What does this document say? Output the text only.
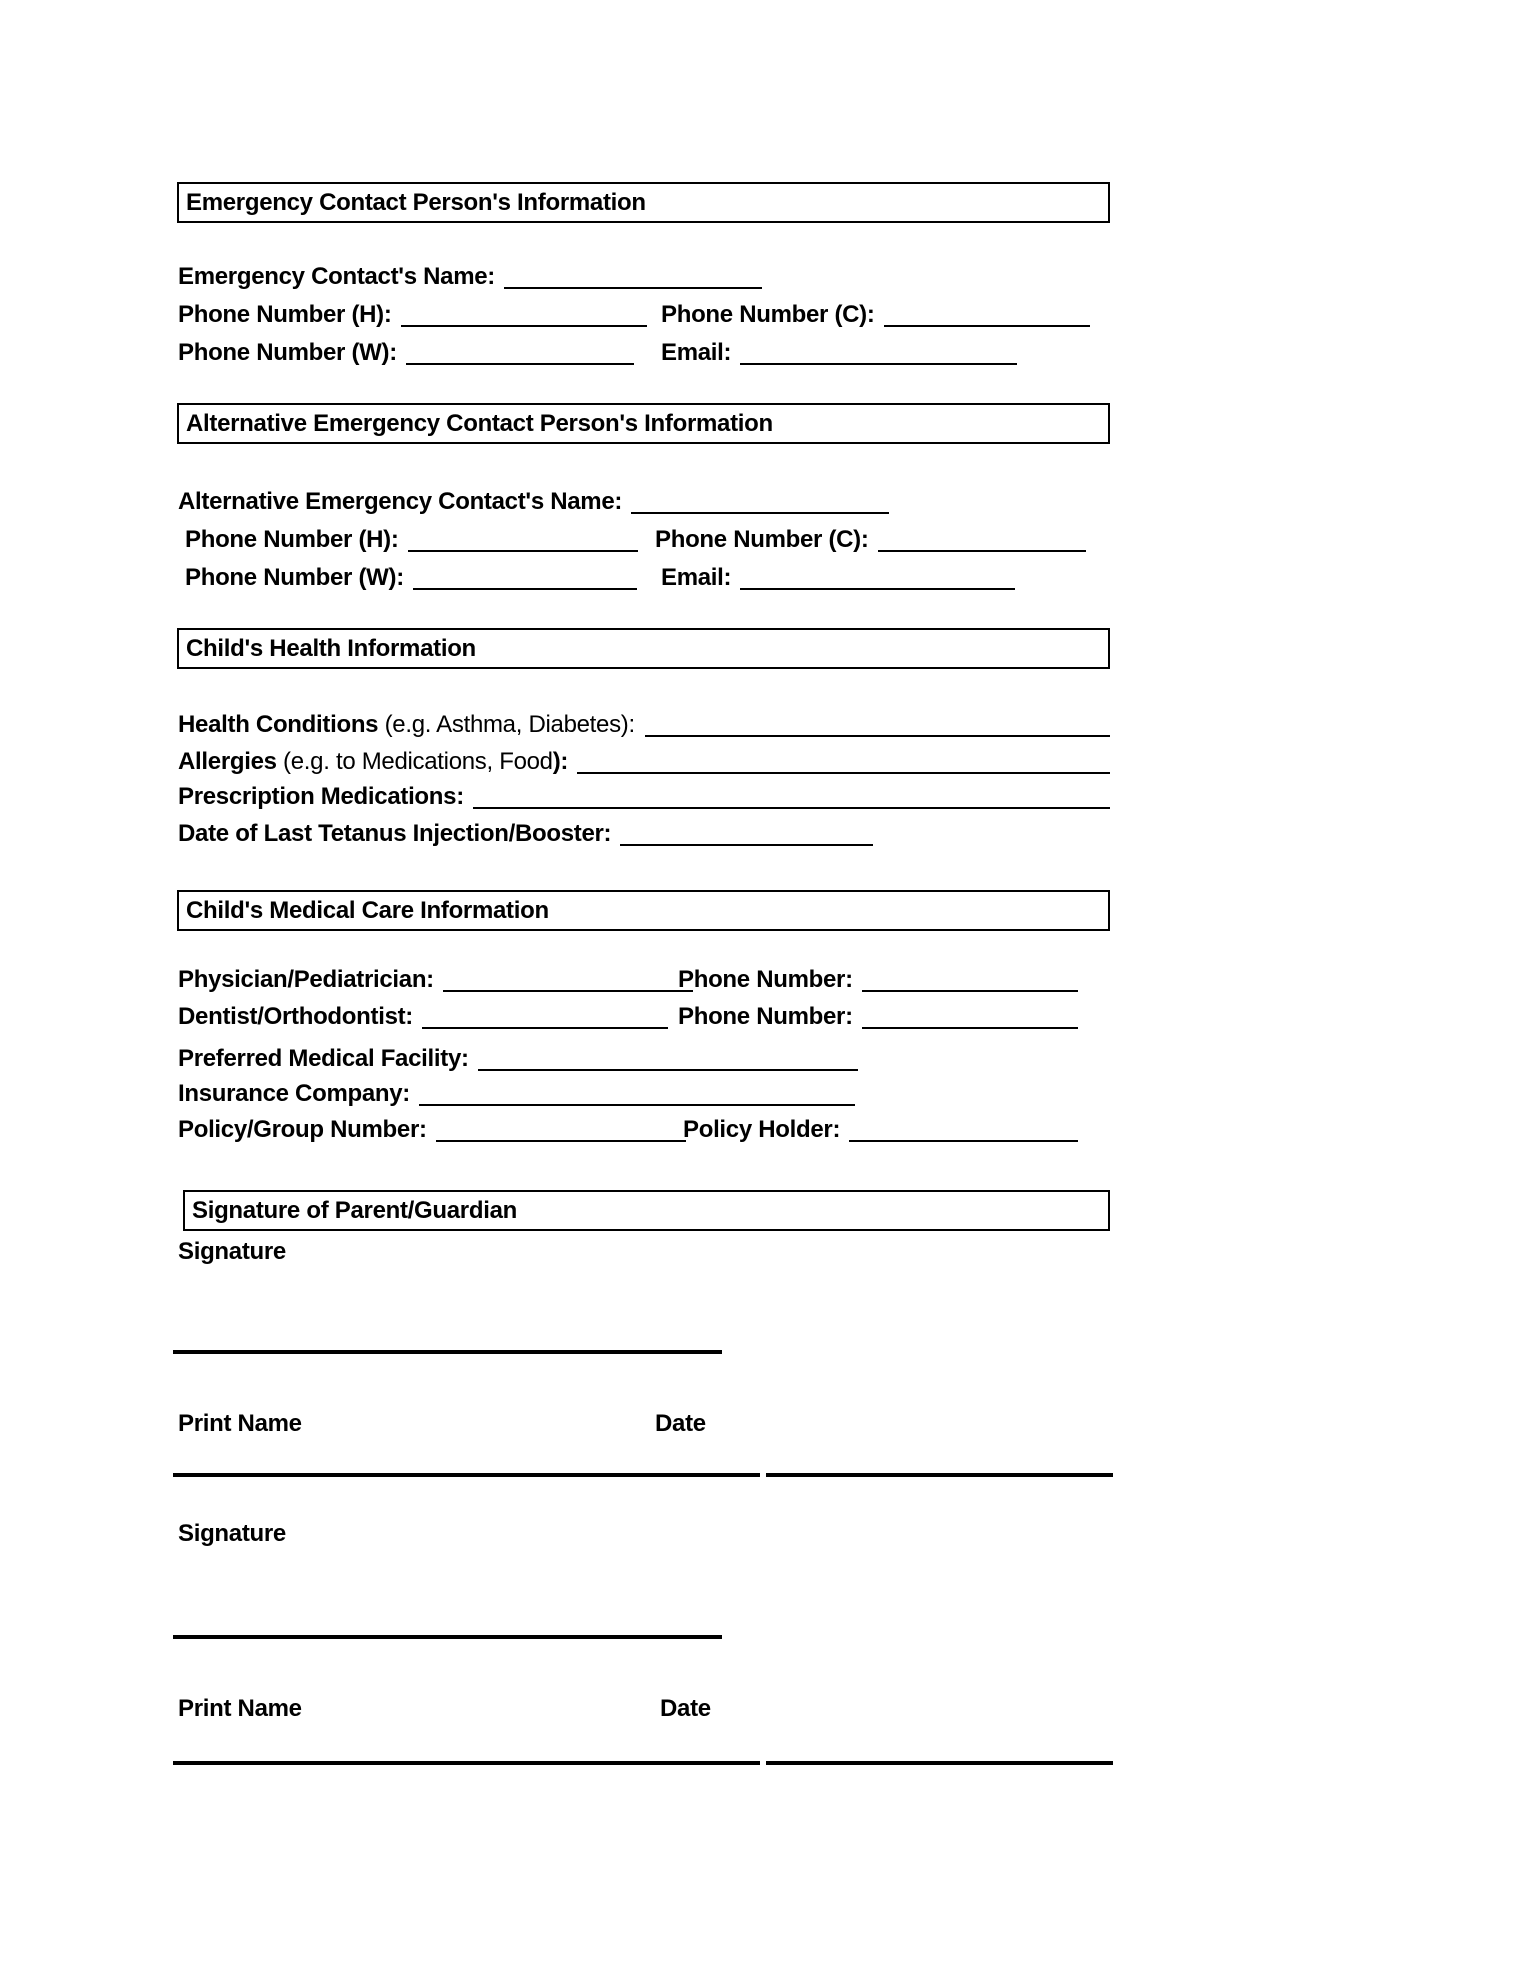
Emergency Contact Person's Information
Emergency Contact's Name:
Phone Number (H):	Phone Number (C):
Phone Number (W):	Email:
Alternative Emergency Contact Person's Information
Alternative Emergency Contact's Name:
Phone Number (H):	Phone Number (C):
Phone Number (W):	Email:
Child's Health Information
Health Conditions (e.g. Asthma, Diabetes):
Allergies (e.g. to Medications, Food ):
Prescription Medications:
Date of Last Tetanus Injection/Booster:
Child's Medical Care Information
Physician/Pediatrician:	Phone Number:
Dentist/Orthodontist:	Phone Number:
Preferred Medical Facility:
Insurance Company:
Policy/Group Number:	Policy Holder:
Signature of Parent/Guardian
Signature
Print Name	Date
Signature
Print Name	Date
